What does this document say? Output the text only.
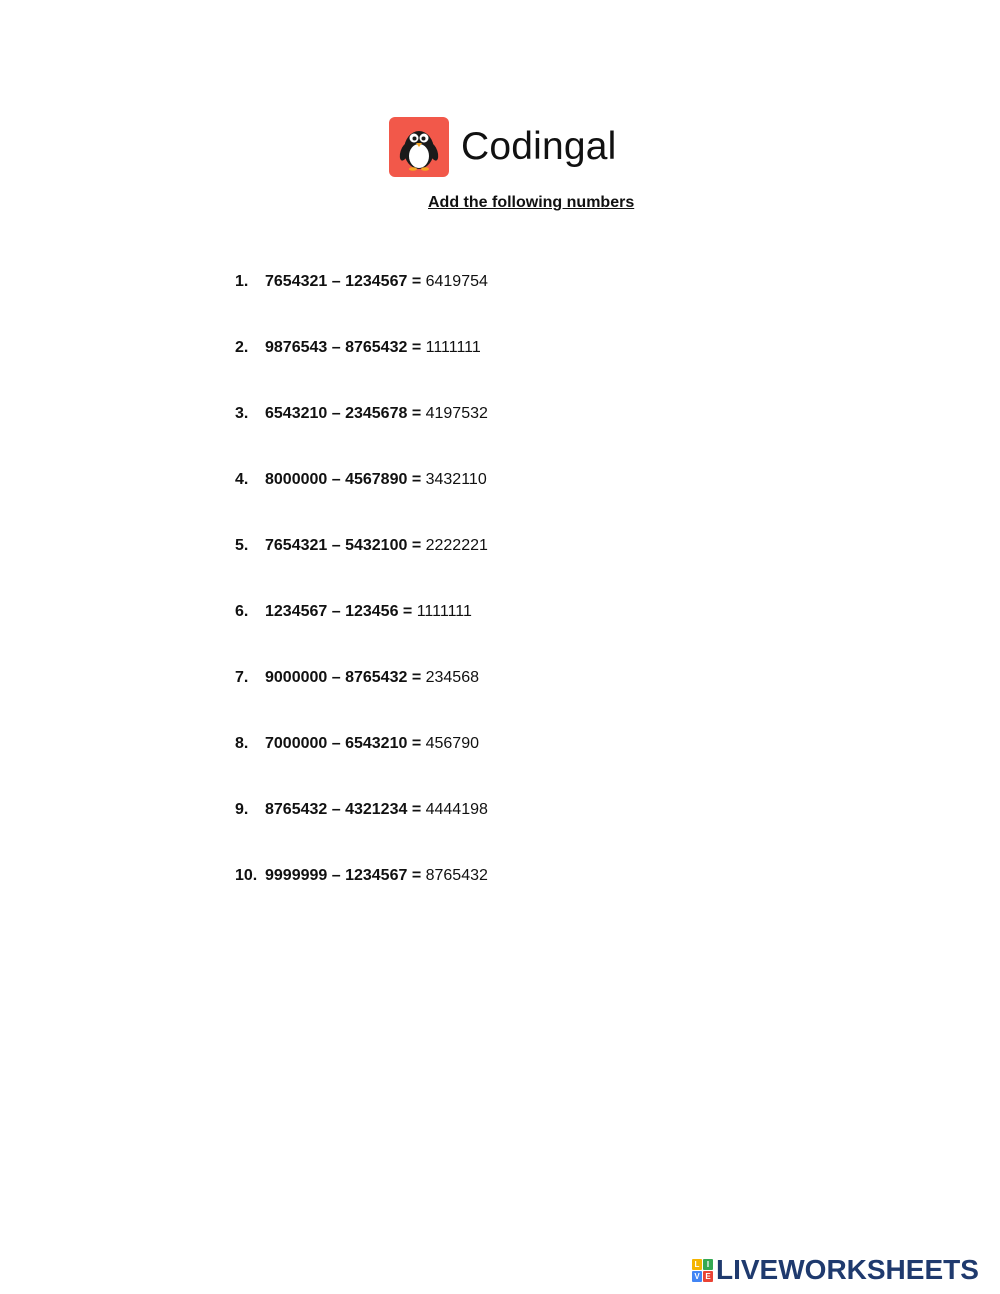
Codingal
Add the following numbers
1. 7654321 – 1234567 = 6419754
2. 9876543 – 8765432 = 1111111
3. 6543210 – 2345678 = 4197532
4. 8000000 – 4567890 = 3432110
5. 7654321 – 5432100 = 2222221
6. 1234567 – 123456 = 1111111
7. 9000000 – 8765432 = 234568
8. 7000000 – 6543210 = 456790
9. 8765432 – 4321234 = 4444198
10. 9999999 – 1234567 = 8765432
L I
V E LIVEWORKSHEETS
